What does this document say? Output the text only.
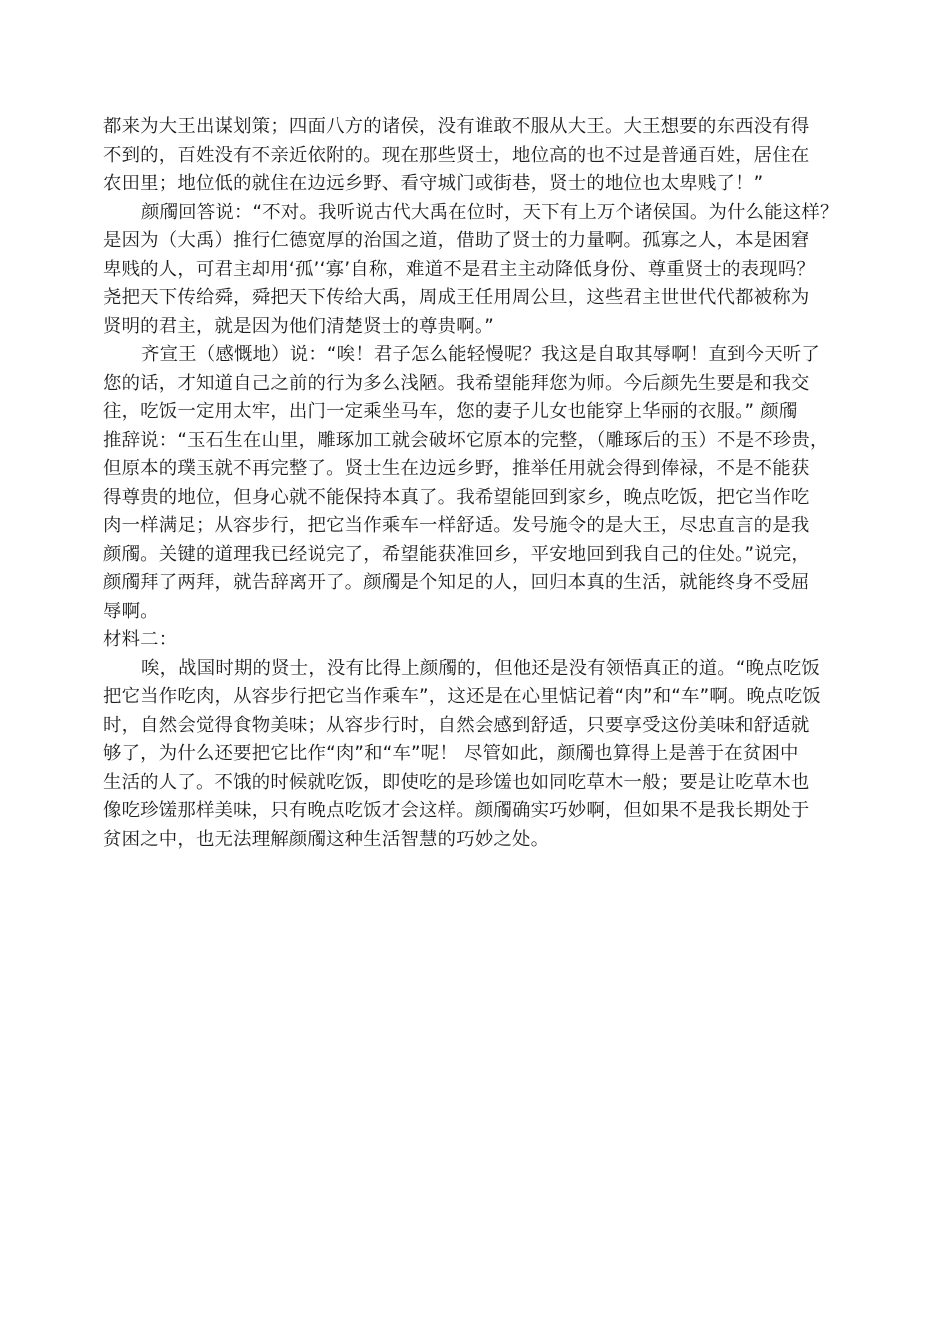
都来为大王出谋划策；四面八方的诸侯，没有谁敢不服从大王。大王想要的东西没有得
不到的，百姓没有不亲近依附的。现在那些贤士，地位高的也不过是普通百姓，居住在
农田里；地位低的就住在边远乡野、看守城门或街巷，贤士的地位也太卑贱了！”
颜斶回答说：“不对。我听说古代大禹在位时，天下有上万个诸侯国。为什么能这样？
是因为（大禹）推行仁德宽厚的治国之道，借助了贤士的力量啊。孤寡之人，本是困窘
卑贱的人，可君主却用‘孤’‘寡’自称，难道不是君主主动降低身份、尊重贤士的表现吗？
尧把天下传给舜，舜把天下传给大禹，周成王任用周公旦，这些君主世世代代都被称为
贤明的君主，就是因为他们清楚贤士的尊贵啊。”
齐宣王（感慨地）说：“唉！君子怎么能轻慢呢？我这是自取其辱啊！直到今天听了
您的话，才知道自己之前的行为多么浅陋。我希望能拜您为师。今后颜先生要是和我交
往，吃饭一定用太牢，出门一定乘坐马车，您的妻子儿女也能穿上华丽的衣服。” 颜斶
推辞说：“玉石生在山里，雕琢加工就会破坏它原本的完整，（雕琢后的玉）不是不珍贵，
但原本的璞玉就不再完整了。贤士生在边远乡野，推举任用就会得到俸禄，不是不能获
得尊贵的地位，但身心就不能保持本真了。我希望能回到家乡，晚点吃饭，把它当作吃
肉一样满足；从容步行，把它当作乘车一样舒适。发号施令的是大王，尽忠直言的是我
颜斶。关键的道理我已经说完了，希望能获准回乡，平安地回到我自己的住处。”说完，
颜斶拜了两拜，就告辞离开了。颜斶是个知足的人，回归本真的生活，就能终身不受屈
辱啊。
材料二：
唉，战国时期的贤士，没有比得上颜斶的，但他还是没有领悟真正的道。“晚点吃饭
把它当作吃肉，从容步行把它当作乘车”，这还是在心里惦记着“肉”和“车”啊。晚点吃饭
时，自然会觉得食物美味；从容步行时，自然会感到舒适，只要享受这份美味和舒适就
够了，为什么还要把它比作“肉”和“车”呢！ 尽管如此，颜斶也算得上是善于在贫困中
生活的人了。不饿的时候就吃饭，即使吃的是珍馐也如同吃草木一般；要是让吃草木也
像吃珍馐那样美味，只有晚点吃饭才会这样。颜斶确实巧妙啊，但如果不是我长期处于
贫困之中，也无法理解颜斶这种生活智慧的巧妙之处。
